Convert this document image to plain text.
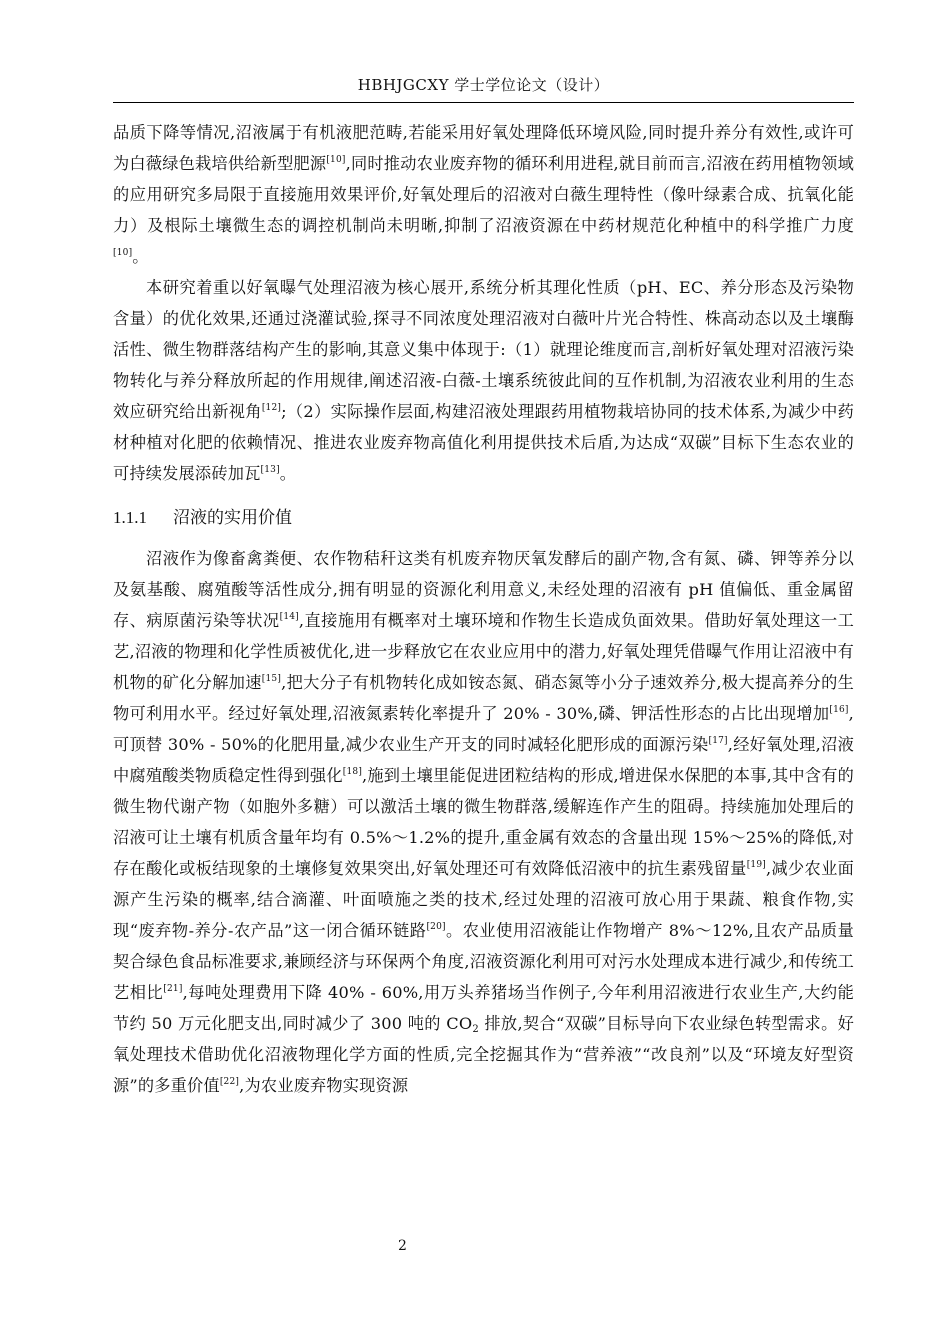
HBHJGCXY 学士学位论文（设计）

品质下降等情况,沼液属于有机液肥范畴,若能采用好氧处理降低环境风险,同时提升养分有效性,或许可为白薇绿色栽培供给新型肥源[10],同时推动农业废弃物的循环利用进程,就目前而言,沼液在药用植物领域的应用研究多局限于直接施用效果评价,好氧处理后的沼液对白薇生理特性（像叶绿素合成、抗氧化能力）及根际土壤微生态的调控机制尚未明晰,抑制了沼液资源在中药材规范化种植中的科学推广力度[10]。

本研究着重以好氧曝气处理沼液为核心展开,系统分析其理化性质（pH、EC、养分形态及污染物含量）的优化效果,还通过浇灌试验,探寻不同浓度处理沼液对白薇叶片光合特性、株高动态以及土壤酶活性、微生物群落结构产生的影响,其意义集中体现于:（1）就理论维度而言,剖析好氧处理对沼液污染物转化与养分释放所起的作用规律,阐述沼液-白薇-土壤系统彼此间的互作机制,为沼液农业利用的生态效应研究给出新视角[12];（2）实际操作层面,构建沼液处理跟药用植物栽培协同的技术体系,为减少中药材种植对化肥的依赖情况、推进农业废弃物高值化利用提供技术后盾,为达成“双碳”目标下生态农业的可持续发展添砖加瓦[13]。

1.1.1 沼液的实用价值

沼液作为像畜禽粪便、农作物秸秆这类有机废弃物厌氧发酵后的副产物,含有氮、磷、钾等养分以及氨基酸、腐殖酸等活性成分,拥有明显的资源化利用意义,未经处理的沼液有 pH 值偏低、重金属留存、病原菌污染等状况[14],直接施用有概率对土壤环境和作物生长造成负面效果。借助好氧处理这一工艺,沼液的物理和化学性质被优化,进一步释放它在农业应用中的潜力,好氧处理凭借曝气作用让沼液中有机物的矿化分解加速[15],把大分子有机物转化成如铵态氮、硝态氮等小分子速效养分,极大提高养分的生物可利用水平。经过好氧处理,沼液氮素转化率提升了 20% - 30%,磷、钾活性形态的占比出现增加[16],可顶替 30% - 50%的化肥用量,减少农业生产开支的同时减轻化肥形成的面源污染[17],经好氧处理,沼液中腐殖酸类物质稳定性得到强化[18],施到土壤里能促进团粒结构的形成,增进保水保肥的本事,其中含有的微生物代谢产物（如胞外多糖）可以激活土壤的微生物群落,缓解连作产生的阻碍。持续施加处理后的沼液可让土壤有机质含量年均有 0.5%～1.2%的提升,重金属有效态的含量出现 15%～25%的降低,对存在酸化或板结现象的土壤修复效果突出,好氧处理还可有效降低沼液中的抗生素残留量[19],减少农业面源产生污染的概率,结合滴灌、叶面喷施之类的技术,经过处理的沼液可放心用于果蔬、粮食作物,实现“废弃物-养分-农产品”这一闭合循环链路[20]。农业使用沼液能让作物增产 8%～12%,且农产品质量契合绿色食品标准要求,兼顾经济与环保两个角度,沼液资源化利用可对污水处理成本进行减少,和传统工艺相比[21],每吨处理费用下降 40% - 60%,用万头养猪场当作例子,今年利用沼液进行农业生产,大约能节约 50 万元化肥支出,同时减少了 300 吨的 $CO_2$ 排放,契合“双碳”目标导向下农业绿色转型需求。好氧处理技术借助优化沼液物理化学方面的性质,完全挖掘其作为“营养液”“改良剂”以及“环境友好型资源”的多重价值[22],为农业废弃物实现资源

2
